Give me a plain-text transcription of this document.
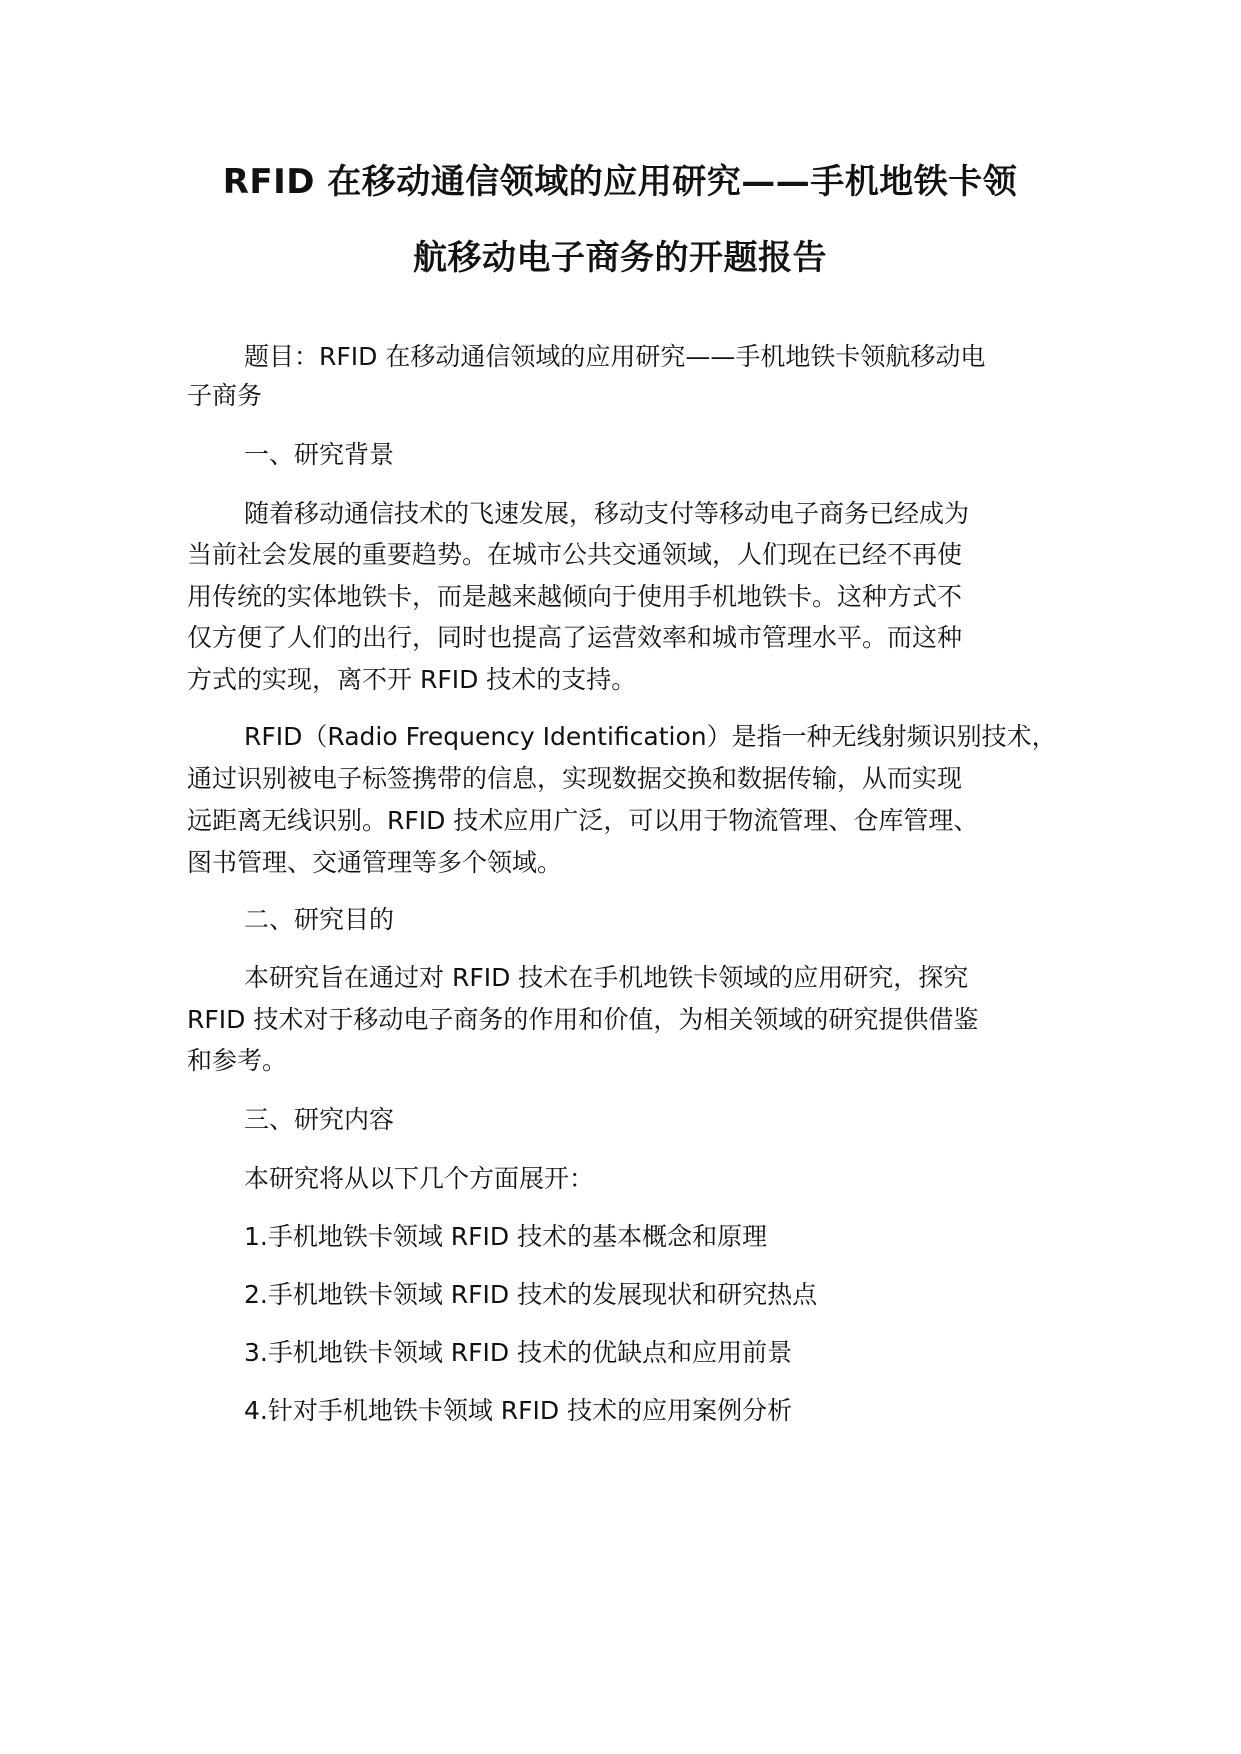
RFID 在移动通信领域的应用研究——手机地铁卡领
航移动电子商务的开题报告
题目：RFID 在移动通信领域的应用研究——手机地铁卡领航移动电
子商务
一、研究背景
随着移动通信技术的飞速发展，移动支付等移动电子商务已经成为
当前社会发展的重要趋势。在城市公共交通领域，人们现在已经不再使
用传统的实体地铁卡，而是越来越倾向于使用手机地铁卡。这种方式不
仅方便了人们的出行，同时也提高了运营效率和城市管理水平。而这种
方式的实现，离不开 RFID 技术的支持。
RFID（Radio Frequency Identification）是指一种无线射频识别技术，
通过识别被电子标签携带的信息，实现数据交换和数据传输，从而实现
远距离无线识别。RFID 技术应用广泛，可以用于物流管理、仓库管理、
图书管理、交通管理等多个领域。
二、研究目的
本研究旨在通过对 RFID 技术在手机地铁卡领域的应用研究，探究
RFID 技术对于移动电子商务的作用和价值，为相关领域的研究提供借鉴
和参考。
三、研究内容
本研究将从以下几个方面展开：
1.手机地铁卡领域 RFID 技术的基本概念和原理
2.手机地铁卡领域 RFID 技术的发展现状和研究热点
3.手机地铁卡领域 RFID 技术的优缺点和应用前景
4.针对手机地铁卡领域 RFID 技术的应用案例分析
